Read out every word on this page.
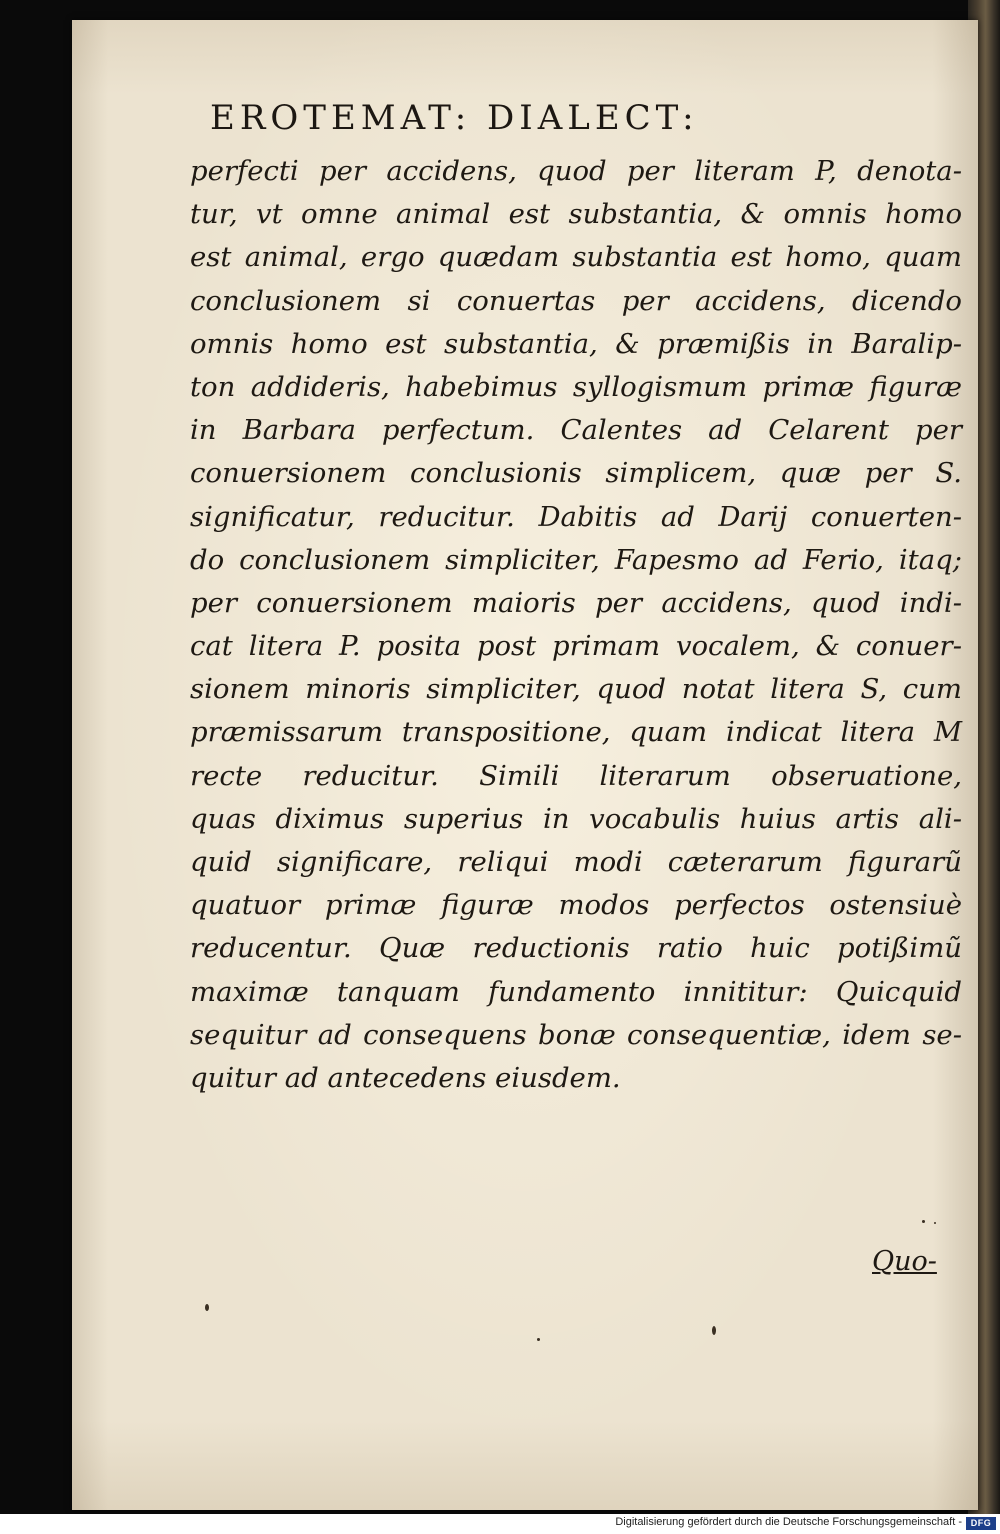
EROTEMAT: DIALECT:
perfecti per accidens, quod per literam P, denota-
tur, vt omne animal est substantia, & omnis homo
est animal, ergo quædam substantia est homo, quam
conclusionem si conuertas per accidens, dicendo
omnis homo est substantia, & præmißis in Baralip-
ton addideris, habebimus syllogismum primæ figuræ
in Barbara perfectum. Calentes ad Celarent per
conuersionem conclusionis simplicem, quæ per S.
significatur, reducitur. Dabitis ad Darij conuerten-
do conclusionem simpliciter, Fapesmo ad Ferio, itaq;
per conuersionem maioris per accidens, quod indi-
cat litera P. posita post primam vocalem, & conuer-
sionem minoris simpliciter, quod notat litera S, cum
præmissarum transpositione, quam indicat litera M
recte reducitur. Simili literarum obseruatione,
quas diximus superius in vocabulis huius artis ali-
quid significare, reliqui modi cæterarum figurarũ
quatuor primæ figuræ modos perfectos ostensiuè
reducentur. Quæ reductionis ratio huic potißimũ
maximæ tanquam fundamento innititur: Quicquid
sequitur ad consequens bonæ consequentiæ, idem se-
quitur ad antecedens eiusdem.
Quo-
Digitalisierung gefördert durch die Deutsche Forschungsgemeinschaft - DFG
